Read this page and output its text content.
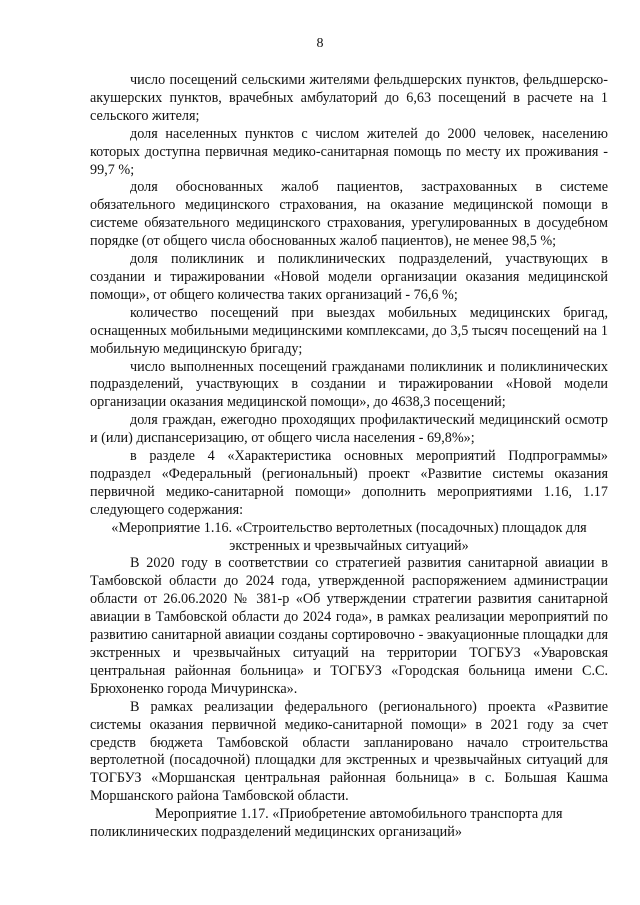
8

число посещений сельскими жителями фельдшерских пунктов, фельдшерско-акушерских пунктов, врачебных амбулаторий до 6,63 посещений в расчете на 1 сельского жителя;

доля населенных пунктов с числом жителей до 2000 человек, населению которых доступна первичная медико-санитарная помощь по месту их проживания - 99,7 %;

доля обоснованных жалоб пациентов, застрахованных в системе обязательного медицинского страхования, на оказание медицинской помощи в системе обязательного медицинского страхования, урегулированных в досудебном порядке (от общего числа обоснованных жалоб пациентов), не менее 98,5 %;

доля поликлиник и поликлинических подразделений, участвующих в создании и тиражировании «Новой модели организации оказания медицинской помощи», от общего количества таких организаций - 76,6 %;

количество посещений при выездах мобильных медицинских бригад, оснащенных мобильными медицинскими комплексами, до 3,5 тысяч посещений на 1 мобильную медицинскую бригаду;

число выполненных посещений гражданами поликлиник и поликлинических подразделений, участвующих в создании и тиражировании «Новой модели организации оказания медицинской помощи», до 4638,3 посещений;

доля граждан, ежегодно проходящих профилактический медицинский осмотр и (или) диспансеризацию, от общего числа населения - 69,8%»;

в разделе 4 «Характеристика основных мероприятий Подпрограммы» подраздел «Федеральный (региональный) проект «Развитие системы оказания первичной медико-санитарной помощи» дополнить мероприятиями 1.16, 1.17 следующего содержания:

«Мероприятие 1.16. «Строительство вертолетных (посадочных) площадок для экстренных и чрезвычайных ситуаций»

В 2020 году в соответствии со стратегией развития санитарной авиации в Тамбовской области до 2024 года, утвержденной распоряжением администрации области от 26.06.2020 № 381-р «Об утверждении стратегии развития санитарной авиации в Тамбовской области до 2024 года», в рамках реализации мероприятий по развитию санитарной авиации созданы сортировочно - эвакуационные площадки для экстренных и чрезвычайных ситуаций на территории ТОГБУЗ «Уваровская центральная районная больница» и ТОГБУЗ «Городская больница имени С.С. Брюхоненко города Мичуринска».

В рамках реализации федерального (регионального) проекта «Развитие системы оказания первичной медико-санитарной помощи» в 2021 году за счет средств бюджета Тамбовской области запланировано начало строительства вертолетной (посадочной) площадки для экстренных и чрезвычайных ситуаций для ТОГБУЗ «Моршанская центральная районная больница» в с. Большая Кашма Моршанского района Тамбовской области.

Мероприятие 1.17. «Приобретение автомобильного транспорта для поликлинических подразделений медицинских организаций»
